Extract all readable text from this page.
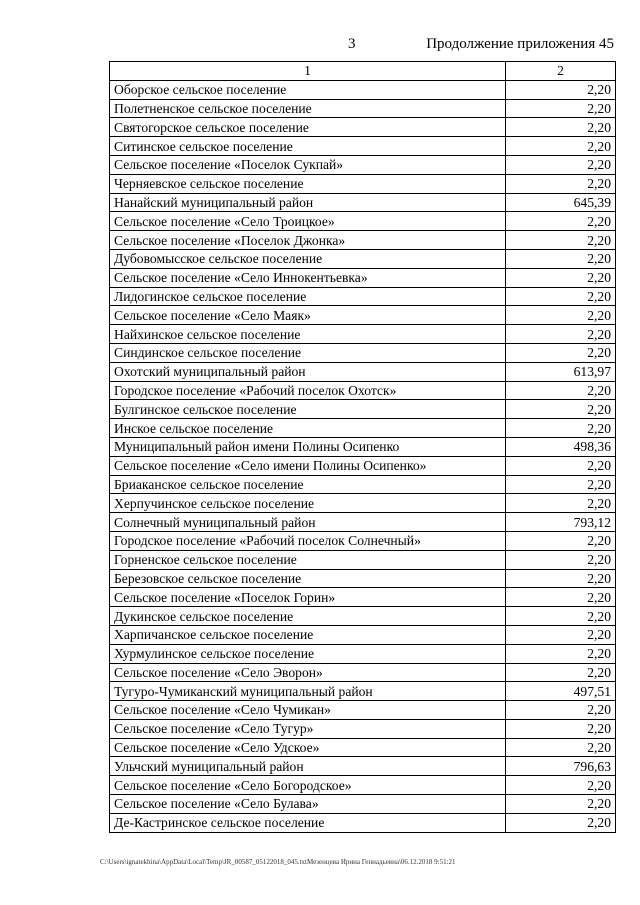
3	Продолжение приложения 45
1	2
Оборское сельское поселение	2,20
Полетненское сельское поселение	2,20
Святогорское сельское поселение	2,20
Ситинское сельское поселение	2,20
Сельское поселение «Поселок Сукпай»	2,20
Черняевское сельское поселение	2,20
Нанайский муниципальный район	645,39
Сельское поселение «Село Троицкое»	2,20
Сельское поселение «Поселок Джонка»	2,20
Дубовомысское сельское поселение	2,20
Сельское поселение «Село Иннокентьевка»	2,20
Лидогинское сельское поселение	2,20
Сельское поселение «Село Маяк»	2,20
Найхинское сельское поселение	2,20
Синдинское сельское поселение	2,20
Охотский муниципальный район	613,97
Городское поселение «Рабочий поселок Охотск»	2,20
Булгинское сельское поселение	2,20
Инское сельское поселение	2,20
Муниципальный район имени Полины Осипенко	498,36
Сельское поселение «Село имени Полины Осипенко»	2,20
Бриаканское сельское поселение	2,20
Херпучинское сельское поселение	2,20
Солнечный муниципальный район	793,12
Городское поселение «Рабочий поселок Солнечный»	2,20
Горненское сельское поселение	2,20
Березовское сельское поселение	2,20
Сельское поселение «Поселок Горин»	2,20
Дукинское сельское поселение	2,20
Харпичанское сельское поселение	2,20
Хурмулинское сельское поселение	2,20
Сельское поселение «Село Эворон»	2,20
Тугуро-Чумиканский муниципальный район	497,51
Сельское поселение «Село Чумикан»	2,20
Сельское поселение «Село Тугур»	2,20
Сельское поселение «Село Удское»	2,20
Ульчский муниципальный район	796,63
Сельское поселение «Село Богородское»	2,20
Сельское поселение «Село Булава»	2,20
Де-Кастринское сельское поселение	2,20
C:\Users\ignatekhina\AppData\Local\Temp\JR_00587_05122018_045.txtМезенцева Ирина Геннадьевна\06.12.2018 9:51:21
